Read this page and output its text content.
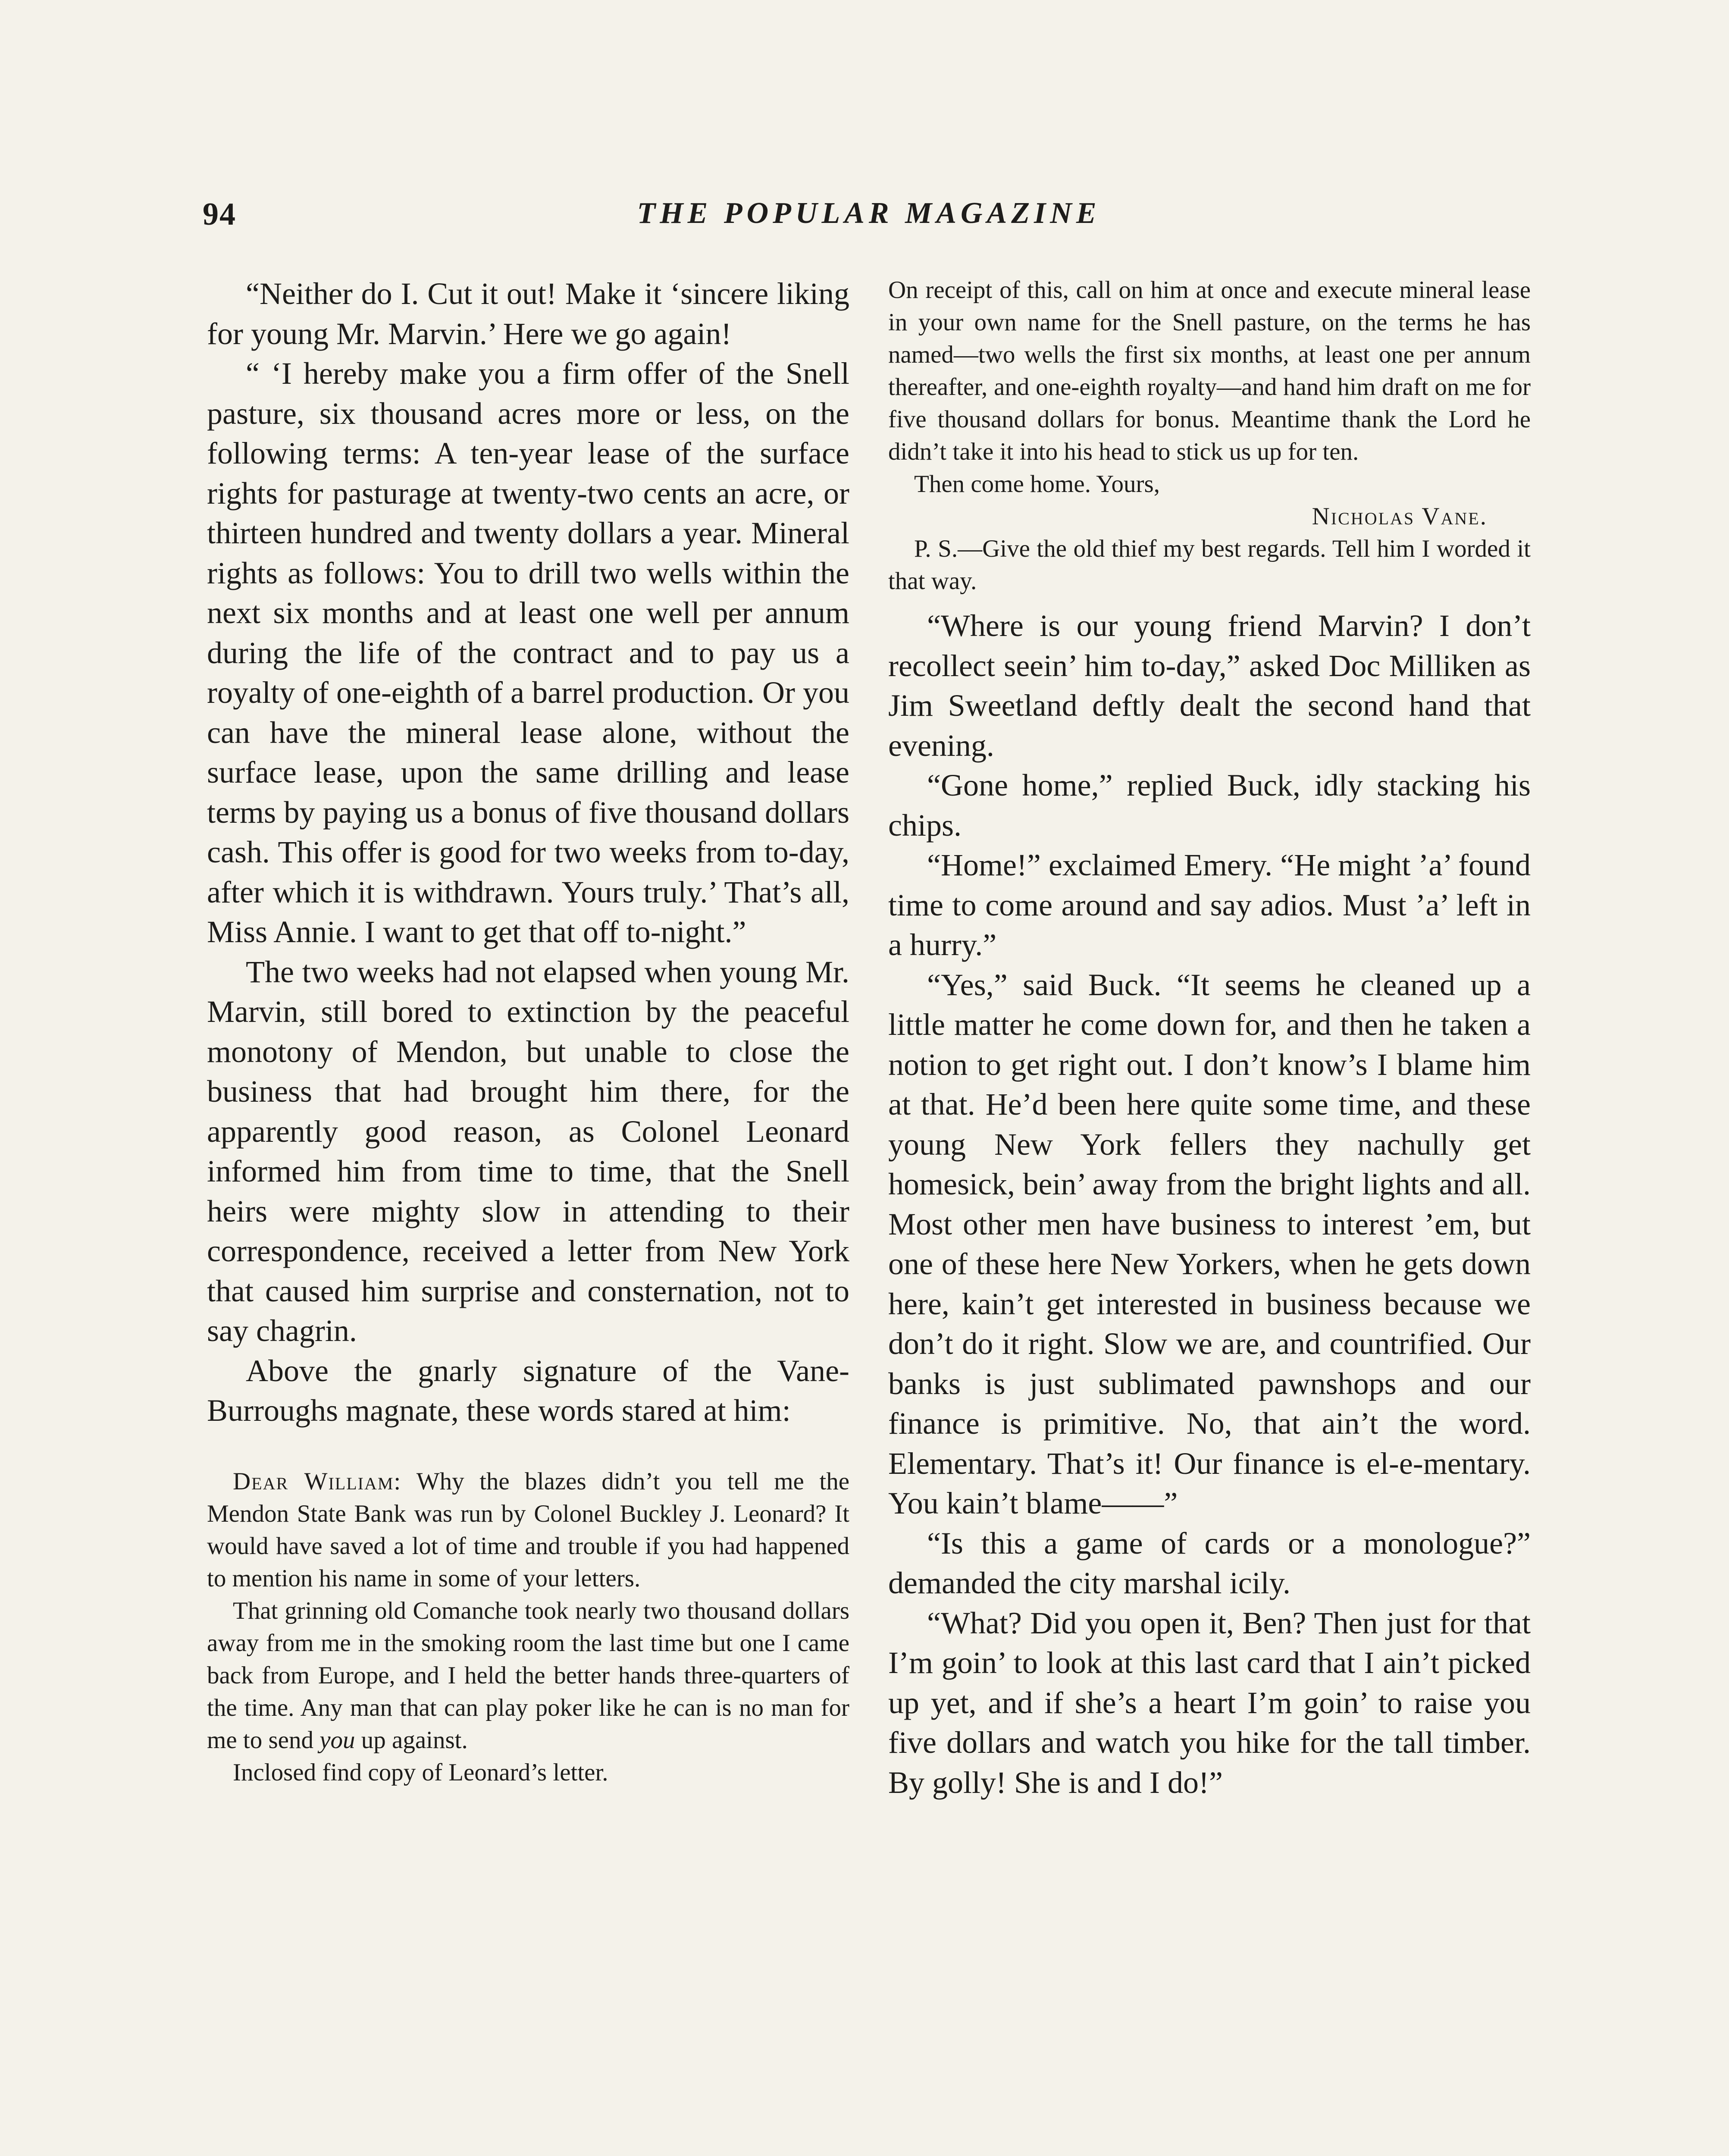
94	THE POPULAR MAGAZINE

“Neither do I. Cut it out! Make it ‘sincere liking for young Mr. Marvin.’ Here we go again!

“ ‘I hereby make you a firm offer of the Snell pasture, six thousand acres more or less, on the following terms: A ten-year lease of the surface rights for pasturage at twenty-two cents an acre, or thirteen hundred and twenty dollars a year. Mineral rights as follows: You to drill two wells within the next six months and at least one well per annum during the life of the contract and to pay us a royalty of one-eighth of a barrel production. Or you can have the mineral lease alone, without the surface lease, upon the same drilling and lease terms by paying us a bonus of five thousand dollars cash. This offer is good for two weeks from to-day, after which it is withdrawn. Yours truly.’ That’s all, Miss Annie. I want to get that off to-night.”

The two weeks had not elapsed when young Mr. Marvin, still bored to extinction by the peaceful monotony of Mendon, but unable to close the business that had brought him there, for the apparently good reason, as Colonel Leonard informed him from time to time, that the Snell heirs were mighty slow in attending to their correspondence, received a letter from New York that caused him surprise and consternation, not to say chagrin.

Above the gnarly signature of the Vane-Burroughs magnate, these words stared at him:

Dear William: Why the blazes didn’t you tell me the Mendon State Bank was run by Colonel Buckley J. Leonard? It would have saved a lot of time and trouble if you had happened to mention his name in some of your letters.

That grinning old Comanche took nearly two thousand dollars away from me in the smoking room the last time but one I came back from Europe, and I held the better hands three-quarters of the time. Any man that can play poker like he can is no man for me to send you up against.

Inclosed find copy of Leonard’s letter.

On receipt of this, call on him at once and execute mineral lease in your own name for the Snell pasture, on the terms he has named—two wells the first six months, at least one per annum thereafter, and one-eighth royalty—and hand him draft on me for five thousand dollars for bonus. Meantime thank the Lord he didn’t take it into his head to stick us up for ten.

Then come home. Yours,

Nicholas Vane.

P. S.—Give the old thief my best regards. Tell him I worded it that way.

“Where is our young friend Marvin? I don’t recollect seein’ him to-day,” asked Doc Milliken as Jim Sweetland deftly dealt the second hand that evening.

“Gone home,” replied Buck, idly stacking his chips.

“Home!” exclaimed Emery. “He might ’a’ found time to come around and say adios. Must ’a’ left in a hurry.”

“Yes,” said Buck. “It seems he cleaned up a little matter he come down for, and then he taken a notion to get right out. I don’t know’s I blame him at that. He’d been here quite some time, and these young New York fellers they nachully get homesick, bein’ away from the bright lights and all. Most other men have business to interest ’em, but one of these here New Yorkers, when he gets down here, kain’t get interested in business because we don’t do it right. Slow we are, and countrified. Our banks is just sublimated pawnshops and our finance is primitive. No, that ain’t the word. Elementary. That’s it! Our finance is el-e-mentary. You kain’t blame——”

“Is this a game of cards or a monologue?” demanded the city marshal icily.

“What? Did you open it, Ben? Then just for that I’m goin’ to look at this last card that I ain’t picked up yet, and if she’s a heart I’m goin’ to raise you five dollars and watch you hike for the tall timber. By golly! She is and I do!”
